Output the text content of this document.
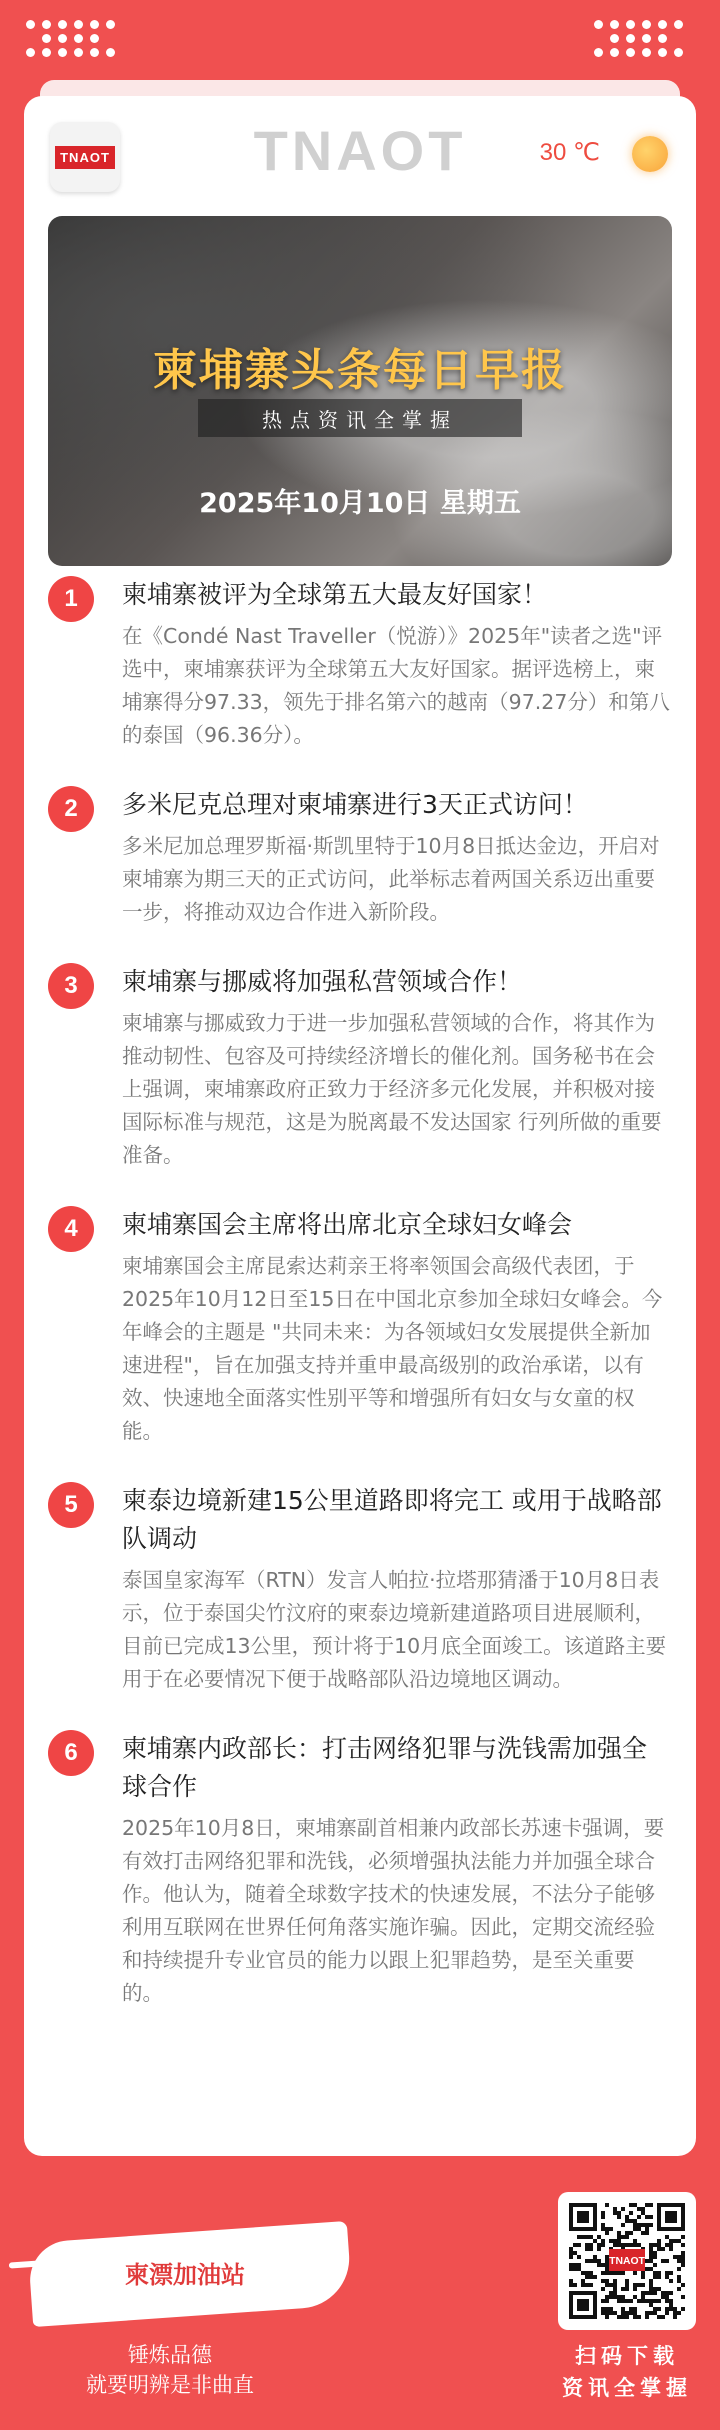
TNAOT	TNAOT	30 ℃
柬埔寨头条每日早报
热点资讯全掌握
2025年10月10日 星期五
1	柬埔寨被评为全球第五大最友好国家！

在《Condé Nast Traveller（悦游）》2025年"读者之选"评选中，柬埔寨获评为全球第五大友好国家。据评选榜上，柬埔寨得分97.33，领先于排名第六的越南（97.27分）和第八的泰国（96.36分）。

2	多米尼克总理对柬埔寨进行3天正式访问！

多米尼加总理罗斯福·斯凯里特于10月8日抵达金边，开启对柬埔寨为期三天的正式访问，此举标志着两国关系迈出重要一步，将推动双边合作进入新阶段。

3	柬埔寨与挪威将加强私营领域合作！

柬埔寨与挪威致力于进一步加强私营领域的合作，将其作为推动韧性、包容及可持续经济增长的催化剂。国务秘书在会上强调，柬埔寨政府正致力于经济多元化发展，并积极对接国际标准与规范，这是为脱离最不发达国家 行列所做的重要准备。

4	柬埔寨国会主席将出席北京全球妇女峰会

柬埔寨国会主席昆索达莉亲王将率领国会高级代表团，于2025年10月12日至15日在中国北京参加全球妇女峰会。今年峰会的主题是 "共同未来：为各领域妇女发展提供全新加速进程"，旨在加强支持并重申最高级别的政治承诺，以有效、快速地全面落实性别平等和增强所有妇女与女童的权能。

5	柬泰边境新建15公里道路即将完工 或用于战略部队调动

泰国皇家海军（RTN）发言人帕拉·拉塔那猜潘于10月8日表示，位于泰国尖竹汶府的柬泰边境新建道路项目进展顺利，目前已完成13公里，预计将于10月底全面竣工。该道路主要用于在必要情况下便于战略部队沿边境地区调动。

6	柬埔寨内政部长：打击网络犯罪与洗钱需加强全球合作

2025年10月8日，柬埔寨副首相兼内政部长苏速卡强调，要有效打击网络犯罪和洗钱，必须增强执法能力并加强全球合作。他认为，随着全球数字技术的快速发展，不法分子能够利用互联网在世界任何角落实施诈骗。因此，定期交流经验和持续提升专业官员的能力以跟上犯罪趋势，是至关重要的。

柬漂加油站
锤炼品德
就要明辨是非曲直
TNAOT
扫码下载
资讯全掌握
